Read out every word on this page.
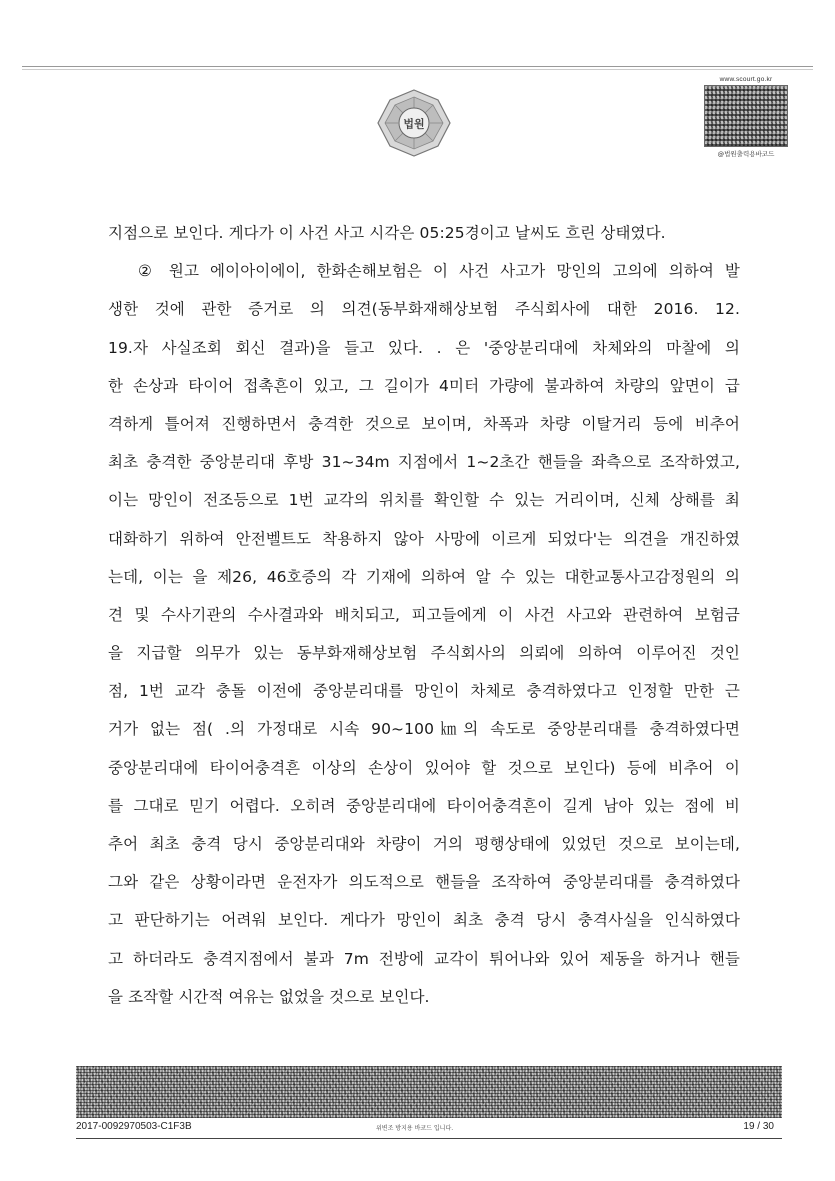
법원
www.scourt.go.kr
@법원출력용바코드
지점으로 보인다. 게다가 이 사건 사고 시각은 05:25경이고 날씨도 흐린 상태였다.
② 원고 에이아이에이, 한화손해보험은 이 사건 사고가 망인의 고의에 의하여 발
생한 것에 관한 증거로 의 의견(동부화재해상보험 주식회사에 대한 2016. 12.
19.자 사실조회 회신 결과)을 들고 있다. . 은 '중앙분리대에 차체와의 마찰에 의
한 손상과 타이어 접촉흔이 있고, 그 길이가 4미터 가량에 불과하여 차량의 앞면이 급
격하게 틀어져 진행하면서 충격한 것으로 보이며, 차폭과 차량 이탈거리 등에 비추어
최초 충격한 중앙분리대 후방 31~34m 지점에서 1~2초간 핸들을 좌측으로 조작하였고,
이는 망인이 전조등으로 1번 교각의 위치를 확인할 수 있는 거리이며, 신체 상해를 최
대화하기 위하여 안전벨트도 착용하지 않아 사망에 이르게 되었다'는 의견을 개진하였
는데, 이는 을 제26, 46호증의 각 기재에 의하여 알 수 있는 대한교통사고감정원의 의
견 및 수사기관의 수사결과와 배치되고, 피고들에게 이 사건 사고와 관련하여 보험금
을 지급할 의무가 있는 동부화재해상보험 주식회사의 의뢰에 의하여 이루어진 것인
점, 1번 교각 충돌 이전에 중앙분리대를 망인이 차체로 충격하였다고 인정할 만한 근
거가 없는 점( .의 가정대로 시속 90~100㎞의 속도로 중앙분리대를 충격하였다면
중앙분리대에 타이어충격흔 이상의 손상이 있어야 할 것으로 보인다) 등에 비추어 이
를 그대로 믿기 어렵다. 오히려 중앙분리대에 타이어충격흔이 길게 남아 있는 점에 비
추어 최초 충격 당시 중앙분리대와 차량이 거의 평행상태에 있었던 것으로 보이는데,
그와 같은 상황이라면 운전자가 의도적으로 핸들을 조작하여 중앙분리대를 충격하였다
고 판단하기는 어려워 보인다. 게다가 망인이 최초 충격 당시 충격사실을 인식하였다
고 하더라도 충격지점에서 불과 7m 전방에 교각이 튀어나와 있어 제동을 하거나 핸들
을 조작할 시간적 여유는 없었을 것으로 보인다.
2017-0092970503-C1F3B	위변조 방지용 바코드 입니다.	19 / 30
